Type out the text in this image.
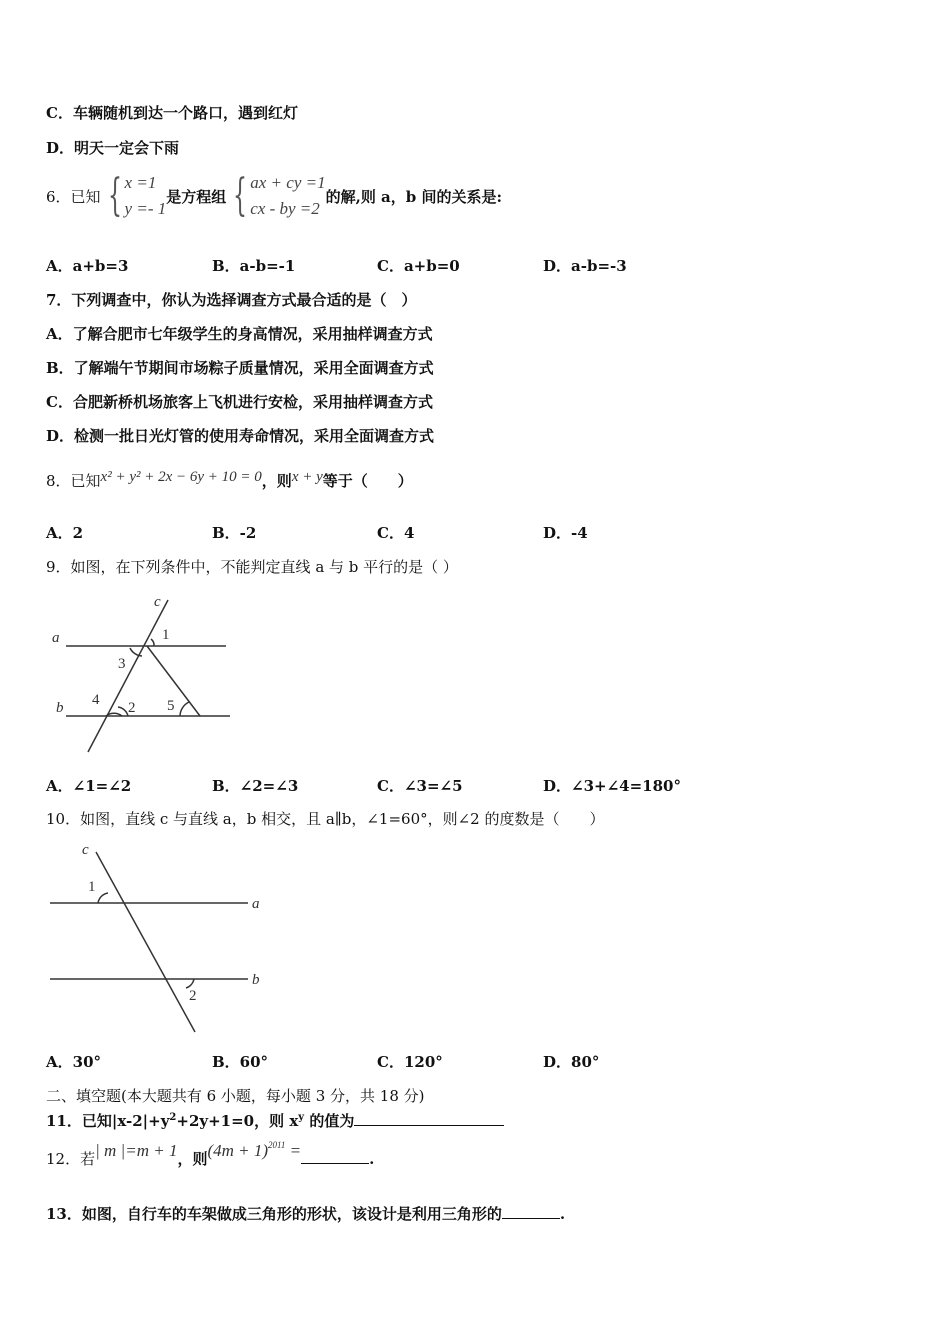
C．车辆随机到达一个路口，遇到红灯
D．明天一定会下雨
6．已知 { x =1
y =- 1
是方程组 { ax + cy =1
cx - by =2
的解,则 a，b 间的关系是:
A．a+b=3	B．a-b=-1	C．a+b=0	D．a-b=-3
7．下列调查中，你认为选择调查方式最合适的是（　）
A．了解合肥市七年级学生的身高情况，采用抽样调查方式
B．了解端午节期间市场粽子质量情况，采用全面调查方式
C．合肥新桥机场旅客上飞机进行安检，采用抽样调查方式
D．检测一批日光灯管的使用寿命情况，采用全面调查方式
8．已知x² + y² + 2x − 6y + 10 = 0，则x + y等于（　　）
A．2	B．-2	C．4	D．-4
9．如图，在下列条件中，不能判定直线 a 与 b 平行的是（ ）
c
a
b
1
2
3
4	5
A．∠1=∠2	B．∠2=∠3	C．∠3=∠5	D．∠3+∠4=180°
10．如图，直线 c 与直线 a，b 相交，且 a∥b，∠1=60°，则∠2 的度数是（　　）
c
a
b
1
2
A．30°	B．60°	C．120°	D．80°
二、填空题(本大题共有 6 小题，每小题 3 分，共 18 分)
11．已知$|x-2|+y^2+2y+1=0$，则 $x^y$ 的值为
12．若| m |=m + 1，则$(4m + 1)^{2011}$ =	.
13．如图，自行车的车架做成三角形的形状，该设计是利用三角形的	.
